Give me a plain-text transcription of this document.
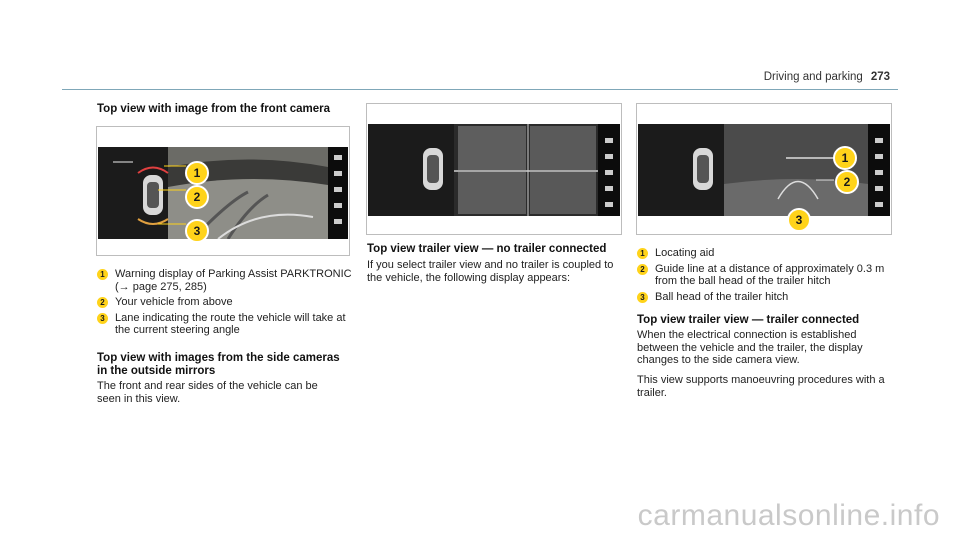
Driving and parking 273
Top view with image from the front camera
1
2
3
1 Warning display of Parking Assist PARKTRONIC (→ page 275, 285)
2 Your vehicle from above
3 Lane indicating the route the vehicle will take at the current steering angle
Top view with images from the side cameras in the outside mirrors
The front and rear sides of the vehicle can be seen in this view.
Top view trailer view — no trailer connected
If you select trailer view and no trailer is coupled to the vehicle, the following display appears:
1
2
3
1 Locating aid
2 Guide line at a distance of approximately 0.3 m from the ball head of the trailer hitch
3 Ball head of the trailer hitch
Top view trailer view — trailer connected
When the electrical connection is established between the vehicle and the trailer, the display changes to the side camera view.
This view supports manoeuvring procedures with a trailer.
carmanualsonline.info
